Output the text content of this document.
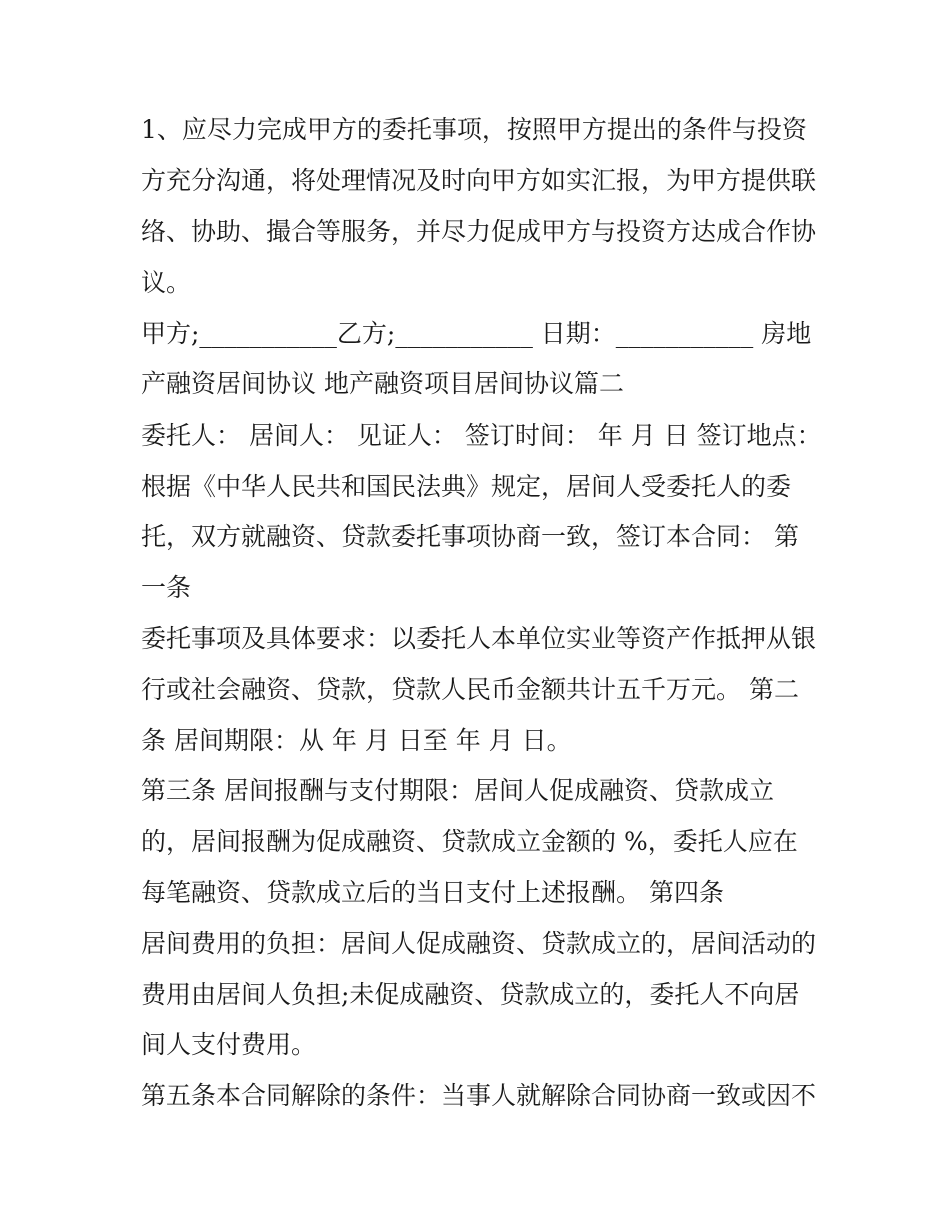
1、应尽力完成甲方的委托事项，按照甲方提出的条件与投资
方充分沟通，将处理情况及时向甲方如实汇报，为甲方提供联
络、协助、撮合等服务，并尽力促成甲方与投资方达成合作协
议。
甲方;___________乙方;___________ 日期：___________ 房地
产融资居间协议 地产融资项目居间协议篇二
委托人： 居间人： 见证人： 签订时间： 年 月 日 签订地点：
根据《中华人民共和国民法典》规定，居间人受委托人的委
托，双方就融资、贷款委托事项协商一致，签订本合同： 第
一条
委托事项及具体要求：以委托人本单位实业等资产作抵押从银
行或社会融资、贷款，贷款人民币金额共计五千万元。 第二
条 居间期限：从 年 月 日至 年 月 日。
第三条 居间报酬与支付期限：居间人促成融资、贷款成立
的，居间报酬为促成融资、贷款成立金额的 %，委托人应在
每笔融资、贷款成立后的当日支付上述报酬。 第四条
居间费用的负担：居间人促成融资、贷款成立的，居间活动的
费用由居间人负担;未促成融资、贷款成立的，委托人不向居
间人支付费用。
第五条本合同解除的条件：当事人就解除合同协商一致或因不
